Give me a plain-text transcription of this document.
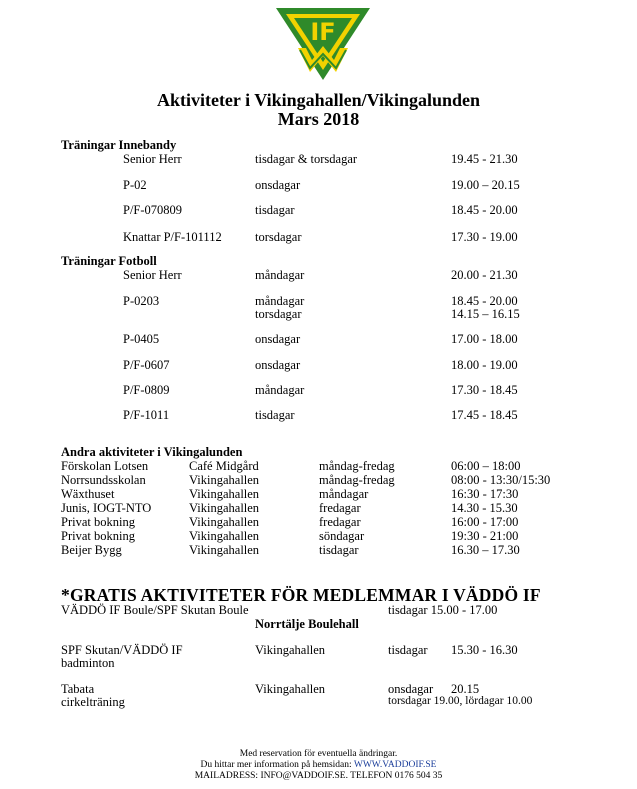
IF
Aktiviteter i Vikingahallen/Vikingalunden
Mars 2018
Träningar Innebandy
Senior Herr	tisdagar & torsdagar	19.45 - 21.30
P-02	onsdagar	19.00 – 20.15
P/F-070809	tisdagar	18.45 - 20.00
Knattar P/F-101112	torsdagar	17.30 - 19.00
Träningar Fotboll
Senior Herr	måndagar	20.00 - 21.30
P-0203	måndagar	18.45 - 20.00
torsdagar	14.15 – 16.15
P-0405	onsdagar	17.00 - 18.00
P/F-0607	onsdagar	18.00 - 19.00
P/F-0809	måndagar	17.30 - 18.45
P/F-1011	tisdagar	17.45 - 18.45
Andra aktiviteter i Vikingalunden
Förskolan Lotsen	Café Midgård	måndag-fredag	06:00 – 18:00
Norrsundsskolan	Vikingahallen	måndag-fredag	08:00 - 13:30/15:30
Wäxthuset	Vikingahallen	måndagar	16:30 - 17:30
Junis, IOGT-NTO	Vikingahallen	fredagar	14.30 - 15.30
Privat bokning	Vikingahallen	fredagar	16:00 - 17:00
Privat bokning	Vikingahallen	söndagar	19:30 - 21:00
Beijer Bygg	Vikingahallen	tisdagar	16.30 – 17.30
*GRATIS AKTIVITETER FÖR MEDLEMMAR I VÄDDÖ IF
VÄDDÖ IF Boule/SPF Skutan Boule	tisdagar 15.00 - 17.00
Norrtälje Boulehall
SPF Skutan/VÄDDÖ IF
badminton
Vikingahallen	tisdagar 15.30 - 16.30
Tabata
cirkelträning
Vikingahallen	onsdagar 20.15
torsdagar 19.00, lördagar 10.00
Med reservation för eventuella ändringar.
Du hittar mer information på hemsidan: WWW.VADDOIF.SE
MAILADRESS: INFO@VADDOIF.SE. TELEFON 0176 504 35
